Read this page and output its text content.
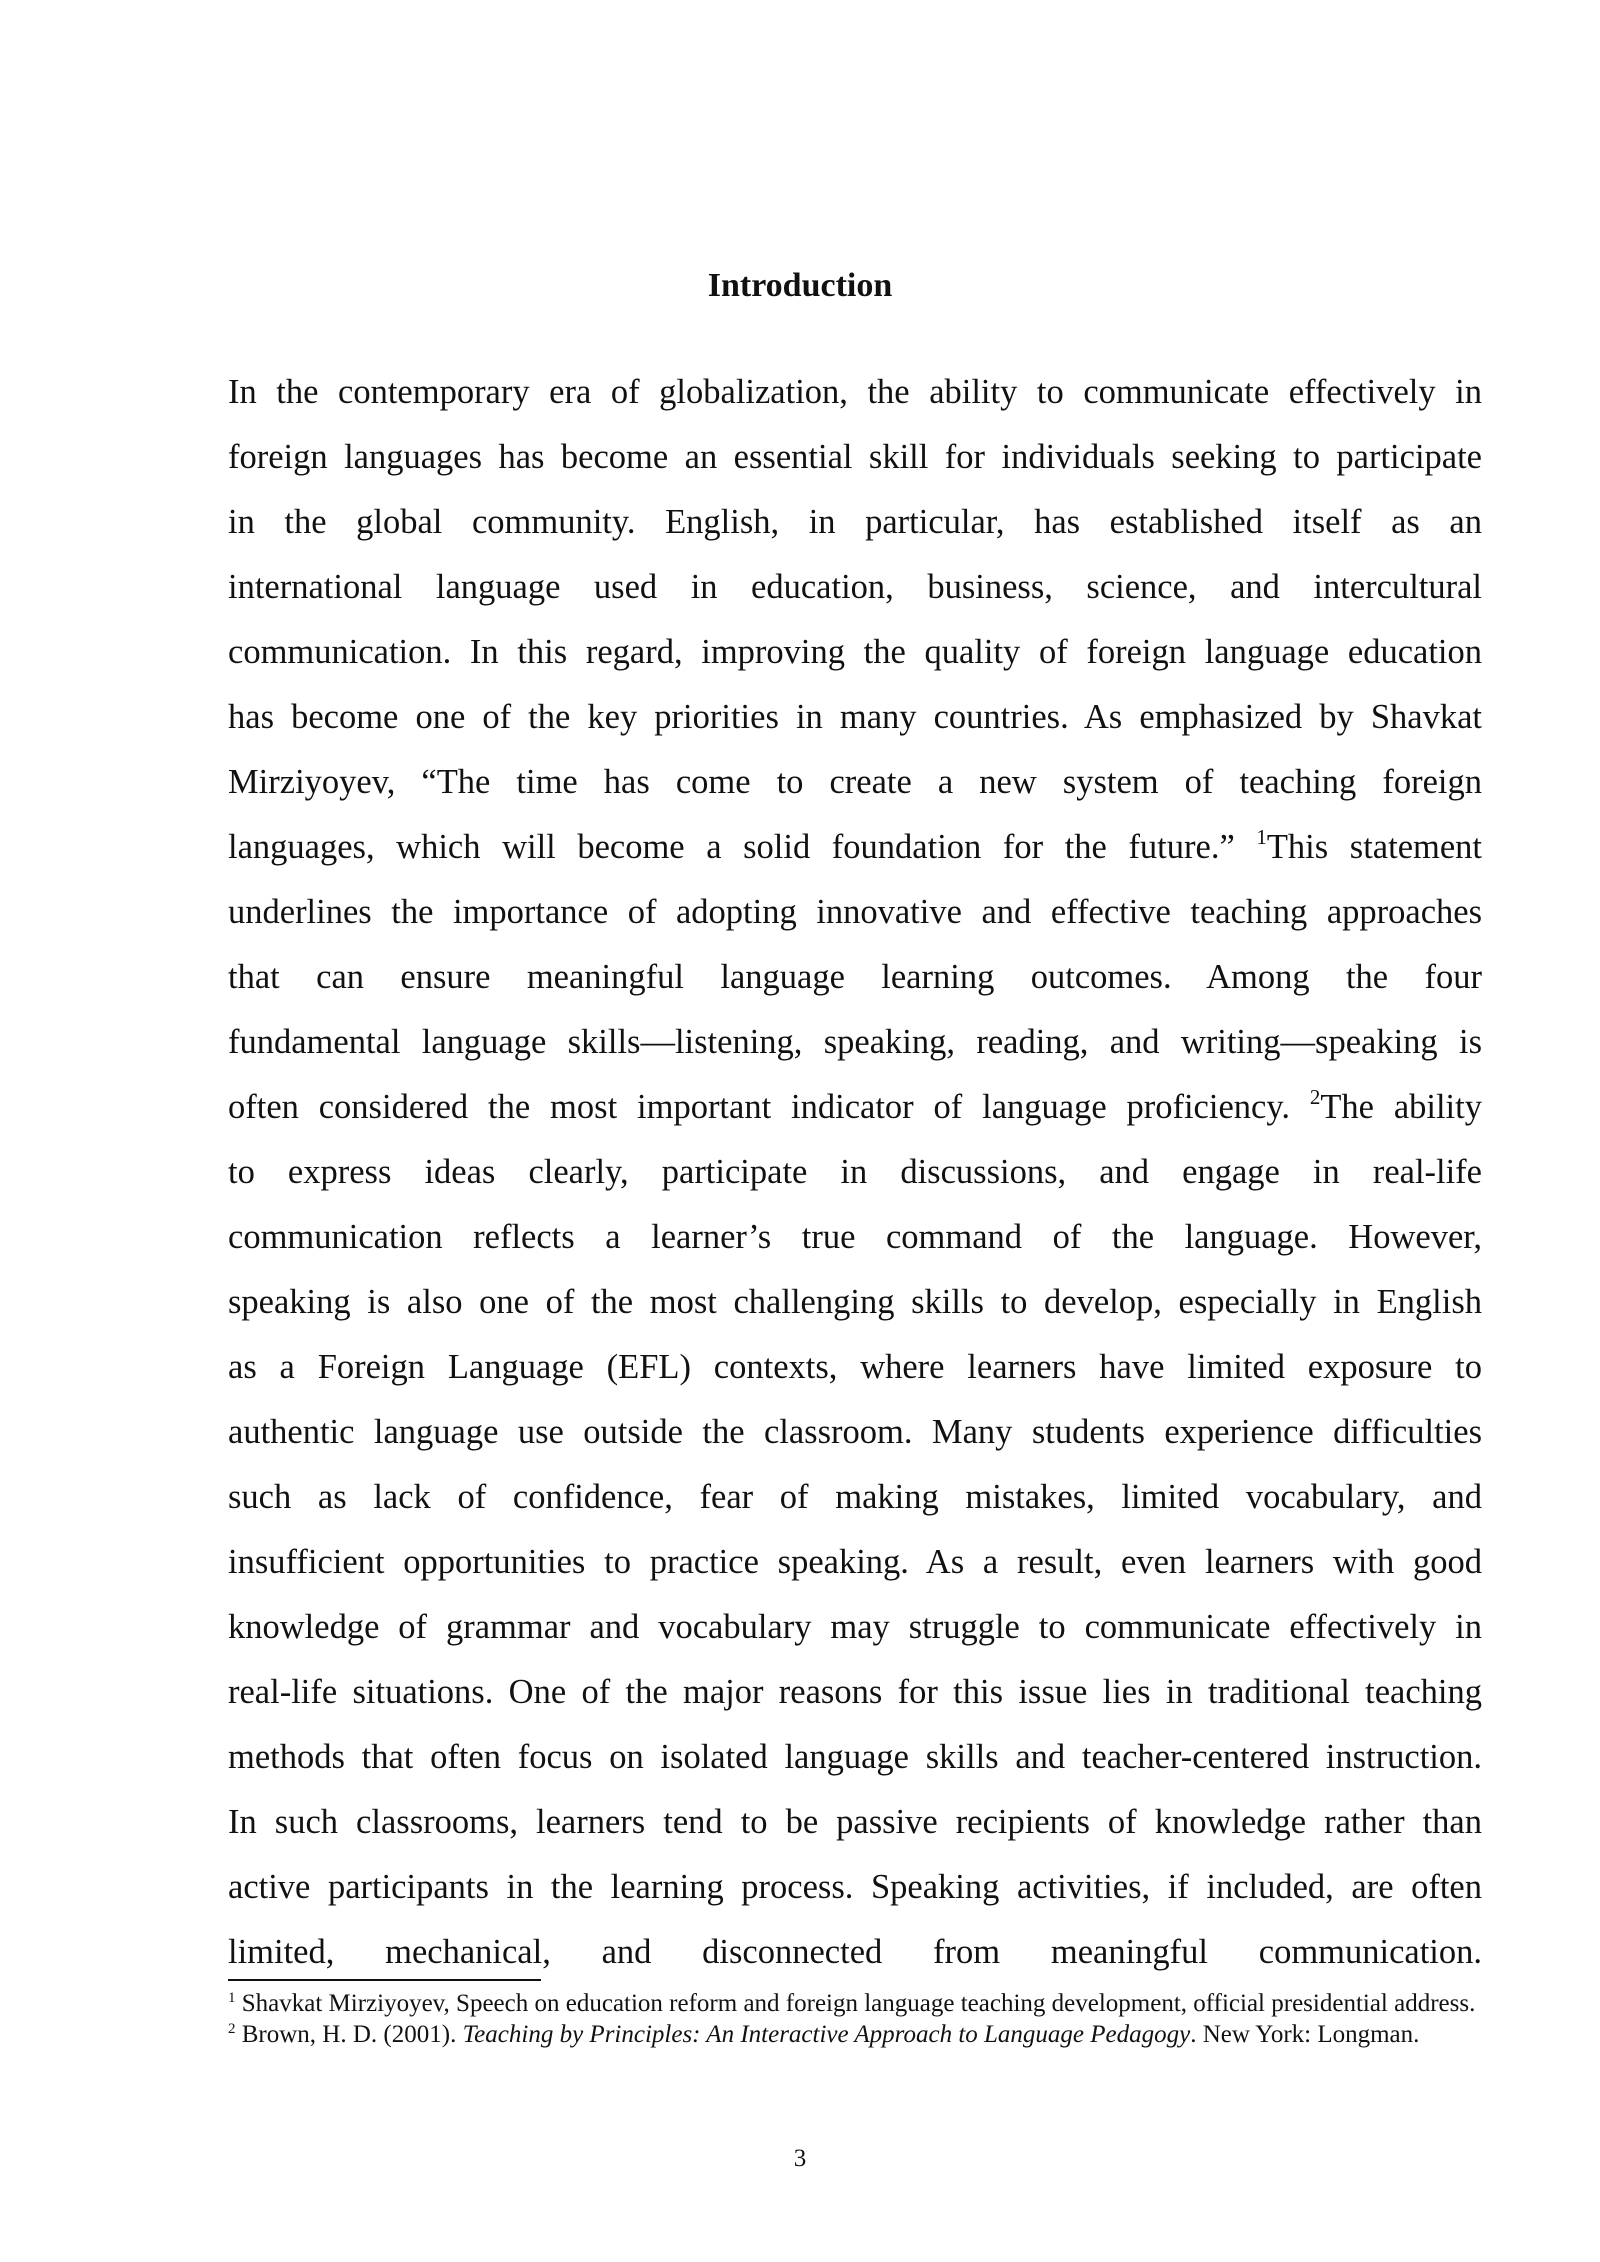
Introduction
In the contemporary era of globalization, the ability to communicate effectively in
foreign languages has become an essential skill for individuals seeking to participate
in the global community. English, in particular, has established itself as an
international language used in education, business, science, and intercultural
communication. In this regard, improving the quality of foreign language education
has become one of the key priorities in many countries. As emphasized by Shavkat
Mirziyoyev, “The time has come to create a new system of teaching foreign
languages, which will become a solid foundation for the future.” $^1$This statement
underlines the importance of adopting innovative and effective teaching approaches
that can ensure meaningful language learning outcomes. Among the four
fundamental language skills—listening, speaking, reading, and writing—speaking is
often considered the most important indicator of language proficiency. $^2$The ability
to express ideas clearly, participate in discussions, and engage in real-life
communication reflects a learner’s true command of the language. However,
speaking is also one of the most challenging skills to develop, especially in English
as a Foreign Language (EFL) contexts, where learners have limited exposure to
authentic language use outside the classroom. Many students experience difficulties
such as lack of confidence, fear of making mistakes, limited vocabulary, and
insufficient opportunities to practice speaking. As a result, even learners with good
knowledge of grammar and vocabulary may struggle to communicate effectively in
real-life situations. One of the major reasons for this issue lies in traditional teaching
methods that often focus on isolated language skills and teacher-centered instruction.
In such classrooms, learners tend to be passive recipients of knowledge rather than
active participants in the learning process. Speaking activities, if included, are often
limited, mechanical, and disconnected from meaningful communication.

$^1$ Shavkat Mirziyoyev, Speech on education reform and foreign language teaching development, official presidential address.

$^2$ Brown, H. D. (2001). Teaching by Principles: An Interactive Approach to Language Pedagogy. New York: Longman.

3
